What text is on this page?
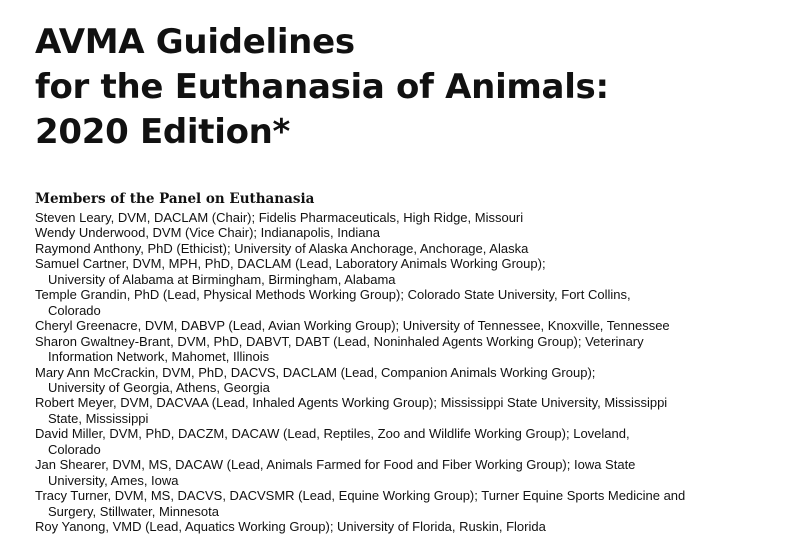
AVMA Guidelines
for the Euthanasia of Animals:
2020 Edition*
Members of the Panel on Euthanasia
Steven Leary, DVM, DACLAM (Chair); Fidelis Pharmaceuticals, High Ridge, Missouri
Wendy Underwood, DVM (Vice Chair); Indianapolis, Indiana
Raymond Anthony, PhD (Ethicist); University of Alaska Anchorage, Anchorage, Alaska
Samuel Cartner, DVM, MPH, PhD, DACLAM (Lead, Laboratory Animals Working Group);
University of Alabama at Birmingham, Birmingham, Alabama
Temple Grandin, PhD (Lead, Physical Methods Working Group); Colorado State University, Fort Collins,
Colorado
Cheryl Greenacre, DVM, DABVP (Lead, Avian Working Group); University of Tennessee, Knoxville, Tennessee
Sharon Gwaltney-Brant, DVM, PhD, DABVT, DABT (Lead, Noninhaled Agents Working Group); Veterinary
Information Network, Mahomet, Illinois
Mary Ann McCrackin, DVM, PhD, DACVS, DACLAM (Lead, Companion Animals Working Group);
University of Georgia, Athens, Georgia
Robert Meyer, DVM, DACVAA (Lead, Inhaled Agents Working Group); Mississippi State University, Mississippi
State, Mississippi
David Miller, DVM, PhD, DACZM, DACAW (Lead, Reptiles, Zoo and Wildlife Working Group); Loveland,
Colorado
Jan Shearer, DVM, MS, DACAW (Lead, Animals Farmed for Food and Fiber Working Group); Iowa State
University, Ames, Iowa
Tracy Turner, DVM, MS, DACVS, DACVSMR (Lead, Equine Working Group); Turner Equine Sports Medicine and
Surgery, Stillwater, Minnesota
Roy Yanong, VMD (Lead, Aquatics Working Group); University of Florida, Ruskin, Florida
